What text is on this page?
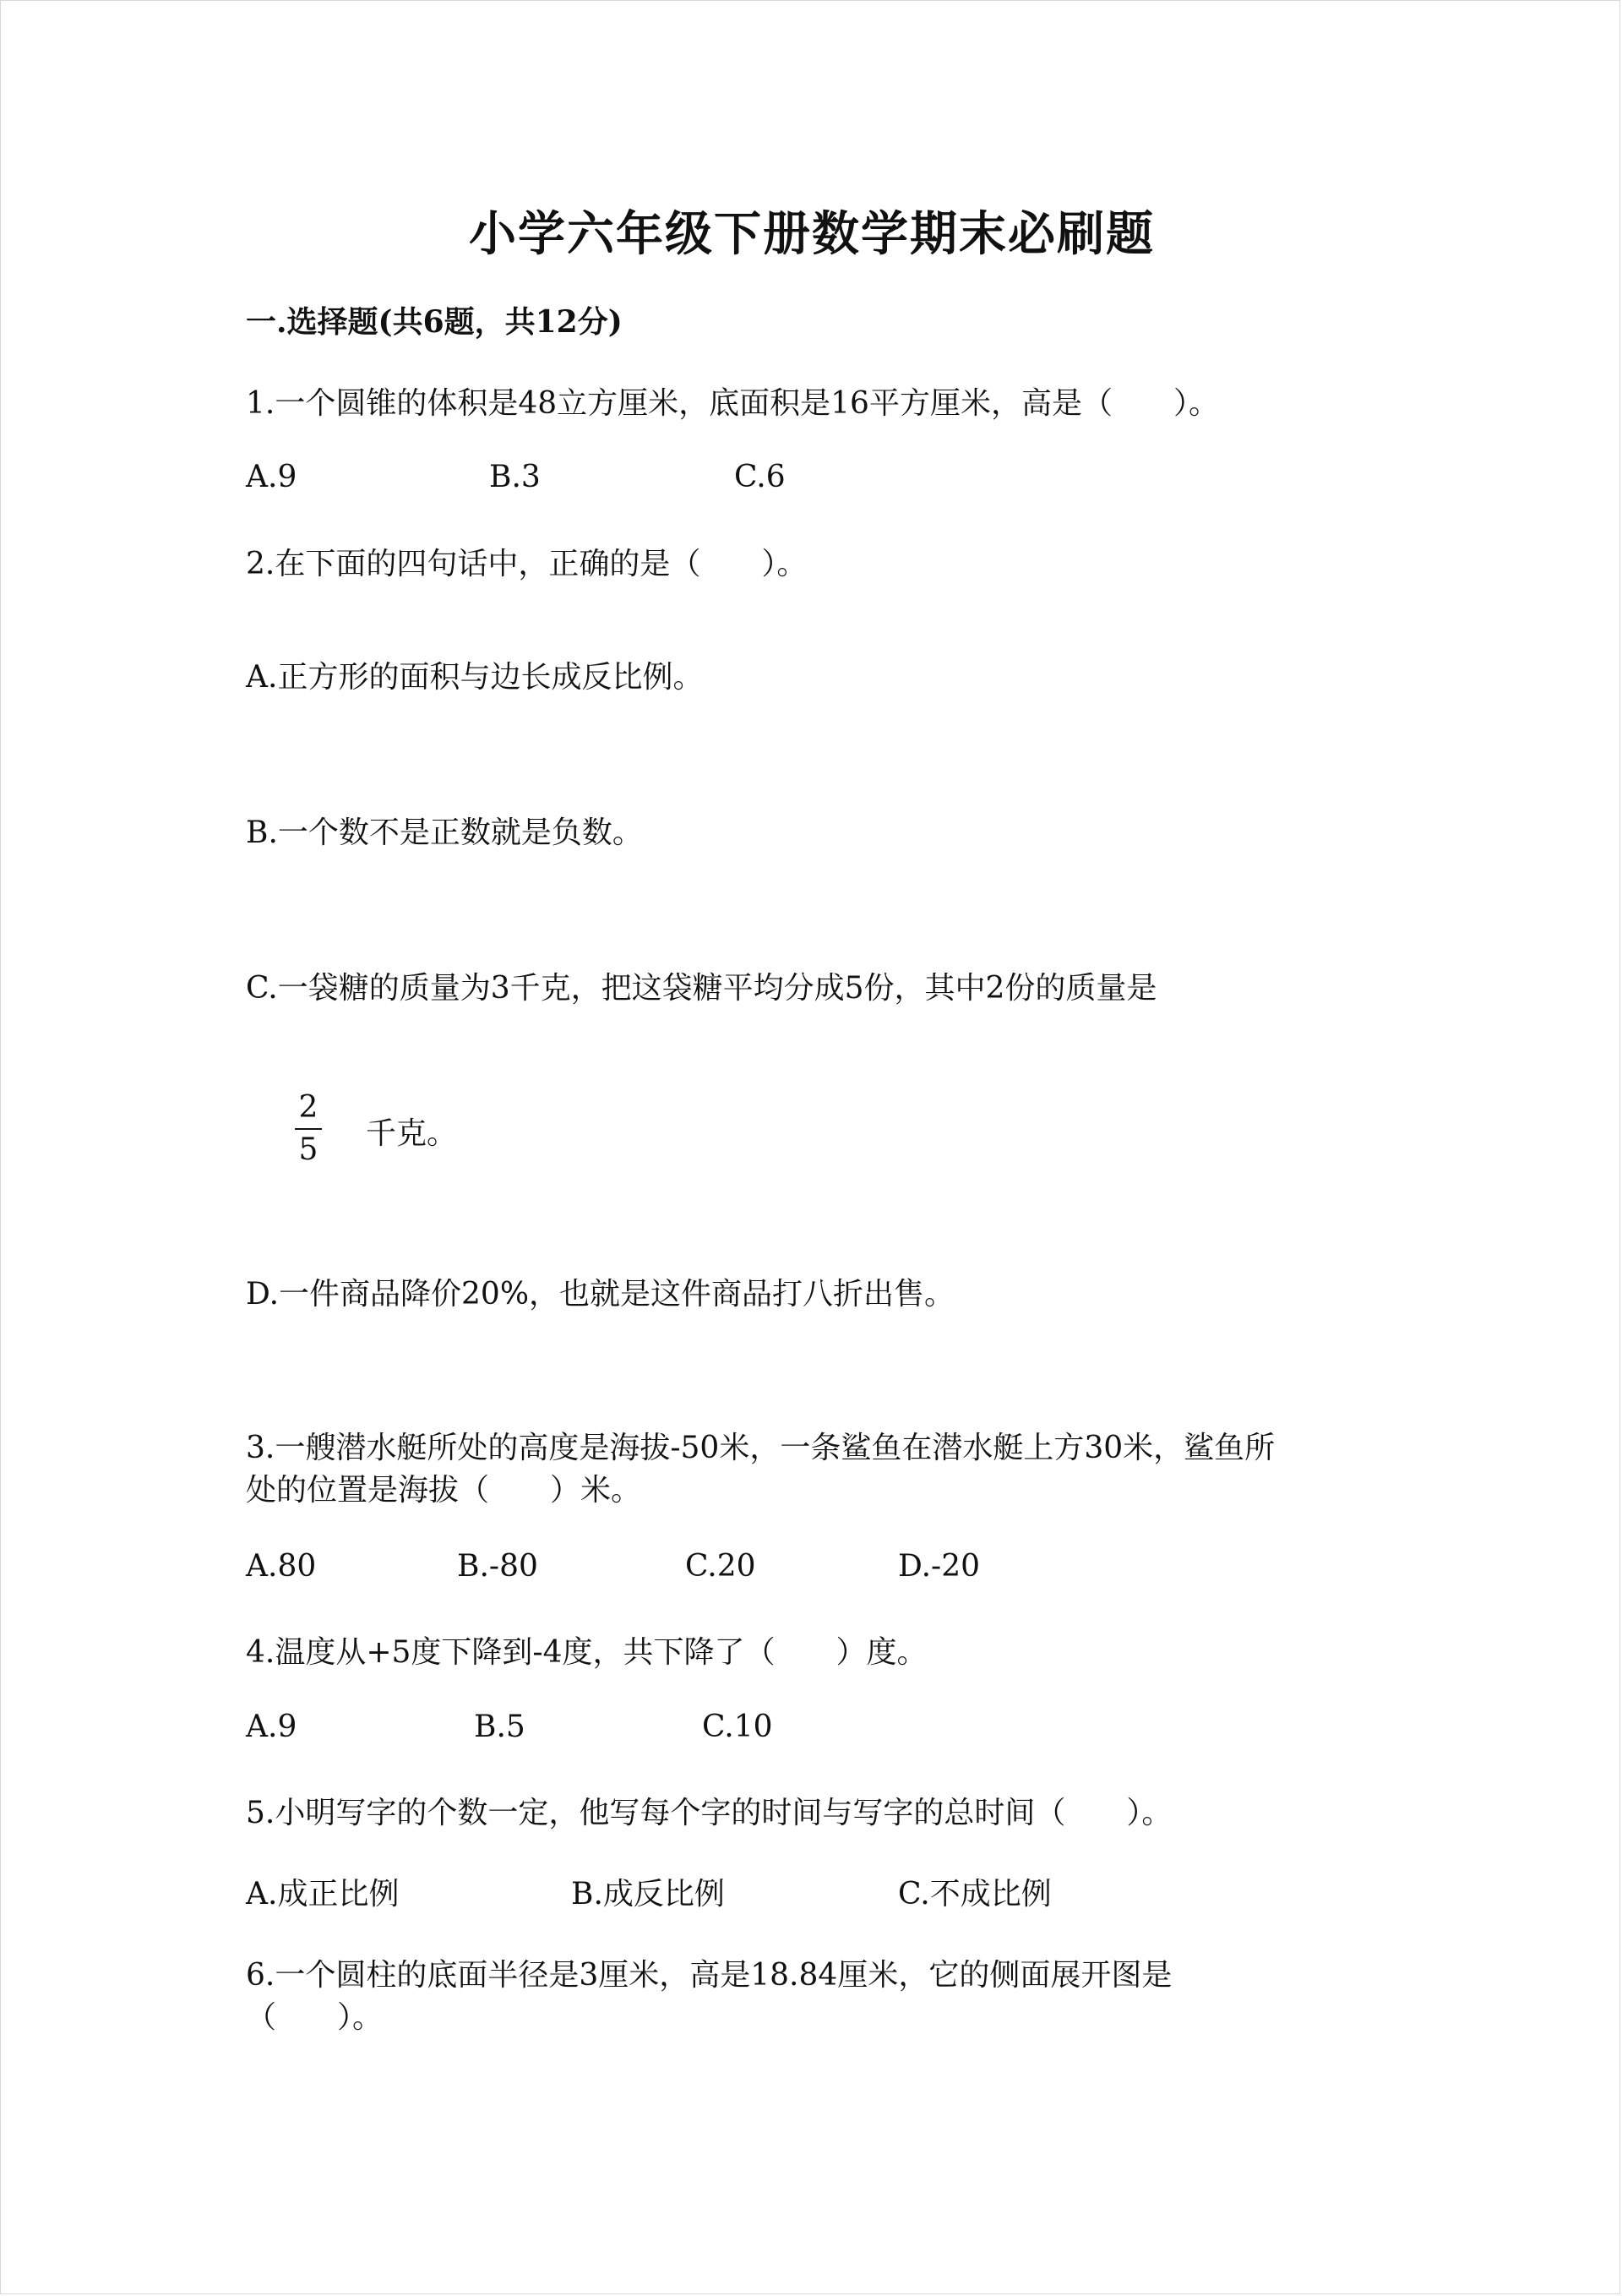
小学六年级下册数学期末必刷题
一.选择题(共6题，共12分)
1.一个圆锥的体积是48立方厘米，底面积是16平方厘米，高是（　　）。
A.9	B.3	C.6
2.在下面的四句话中，正确的是（　　）。
A.正方形的面积与边长成反比例。
B.一个数不是正数就是负数。
C.一袋糖的质量为3千克，把这袋糖平均分成5份，其中2份的质量是
2
5 千克。
D.一件商品降价20%，也就是这件商品打八折出售。
3.一艘潜水艇所处的高度是海拔-50米，一条鲨鱼在潜水艇上方30米，鲨鱼所
处的位置是海拔（　　）米。
A.80	B.-80	C.20	D.-20
4.温度从+5度下降到-4度，共下降了（　　）度。
A.9	B.5	C.10
5.小明写字的个数一定，他写每个字的时间与写字的总时间（　　）。
A.成正比例	B.成反比例	C.不成比例
6.一个圆柱的底面半径是3厘米，高是18.84厘米，它的侧面展开图是
（　　）。
